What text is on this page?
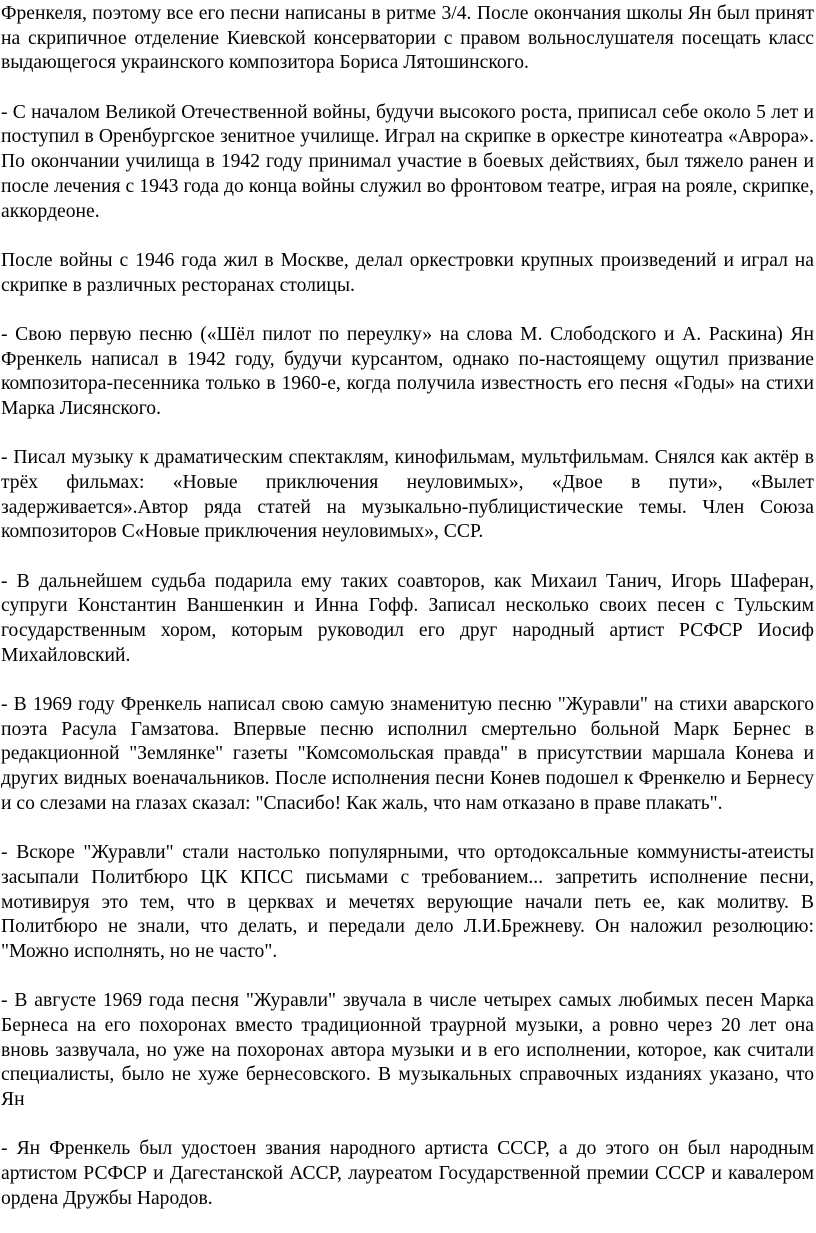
Френкеля, поэтому все его песни написаны в ритме 3/4. После окончания школы Ян был принят на скрипичное отделение Киевской консерватории с правом вольнослушателя посещать класс выдающегося украинского композитора Бориса Лятошинского.

- С началом Великой Отечественной войны, будучи высокого роста, приписал себе около 5 лет и поступил в Оренбургское зенитное училище. Играл на скрипке в оркестре кинотеатра «Аврора». По окончании училища в 1942 году принимал участие в боевых действиях, был тяжело ранен и после лечения с 1943 года до конца войны служил во фронтовом театре, играя на рояле, скрипке, аккордеоне.

После войны с 1946 года жил в Москве, делал оркестровки крупных произведений и играл на скрипке в различных ресторанах столицы.

- Свою первую песню («Шёл пилот по переулку» на слова М. Слободского и А. Раскина) Ян Френкель написал в 1942 году, будучи курсантом, однако по-настоящему ощутил призвание композитора-песенника только в 1960-е, когда получила известность его песня «Годы» на стихи Марка Лисянского.

- Писал музыку к драматическим спектаклям, кинофильмам, мультфильмам. Снялся как актёр в трёх фильмах: «Новые приключения неуловимых», «Двое в пути», «Вылет задерживается».Автор ряда статей на музыкально-публицистические темы. Член Союза композиторов С«Новые приключения неуловимых», ССР.

- В дальнейшем судьба подарила ему таких соавторов, как Михаил Танич, Игорь Шаферан, супруги Константин Ваншенкин и Инна Гофф. Записал несколько своих песен с Тульским государственным хором, которым руководил его друг народный артист РСФСР Иосиф Михайловский.

- В 1969 году Френкель написал свою самую знаменитую песню "Журавли" на стихи аварского поэта Расула Гамзатова. Впервые песню исполнил смертельно больной Марк Бернес в редакционной "Землянке" газеты "Комсомольская правда" в присутствии маршала Конева и других видных военачальников. После исполнения песни Конев подошел к Френкелю и Бернесу и со слезами на глазах сказал: "Спасибо! Как жаль, что нам отказано в праве плакать".

- Вскоре "Журавли" стали настолько популярными, что ортодоксальные коммунисты-атеисты засыпали Политбюро ЦК КПСС письмами с требованием... запретить исполнение песни, мотивируя это тем, что в церквах и мечетях верующие начали петь ее, как молитву. В Политбюро не знали, что делать, и передали дело Л.И.Брежневу. Он наложил резолюцию: "Можно исполнять, но не часто".

- В августе 1969 года песня "Журавли" звучала в числе четырех самых любимых песен Марка Бернеса на его похоронах вместо традиционной траурной музыки, а ровно через 20 лет она вновь зазвучала, но уже на похоронах автора музыки и в его исполнении, которое, как считали специалисты, было не хуже бернесовского. В музыкальных справочных изданиях указано, что Ян

- Ян Френкель был удостоен звания народного артиста СССР, а до этого он был народным артистом РСФСР и Дагестанской АССР, лауреатом Государственной премии СССР и кавалером ордена Дружбы Народов.
